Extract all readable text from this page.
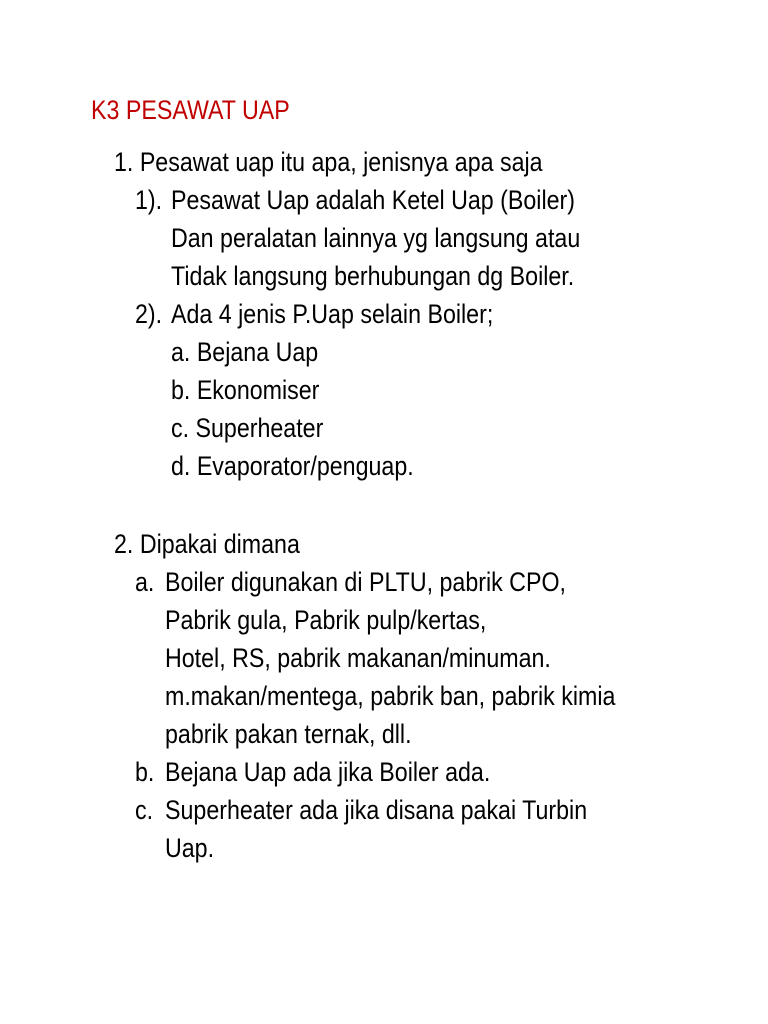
K3 PESAWAT UAP
1. Pesawat uap itu apa, jenisnya apa saja
1). Pesawat Uap adalah Ketel Uap (Boiler)
Dan peralatan lainnya yg langsung atau
Tidak langsung berhubungan dg Boiler.
2). Ada 4 jenis P.Uap selain Boiler;
a. Bejana Uap
b. Ekonomiser
c. Superheater
d. Evaporator/penguap.
2. Dipakai dimana
a. Boiler digunakan di PLTU, pabrik CPO,
Pabrik gula, Pabrik pulp/kertas,
Hotel, RS, pabrik makanan/minuman.
m.makan/mentega, pabrik ban, pabrik kimia
pabrik pakan ternak, dll.
b. Bejana Uap ada jika Boiler ada.
c. Superheater ada jika disana pakai Turbin
Uap.
